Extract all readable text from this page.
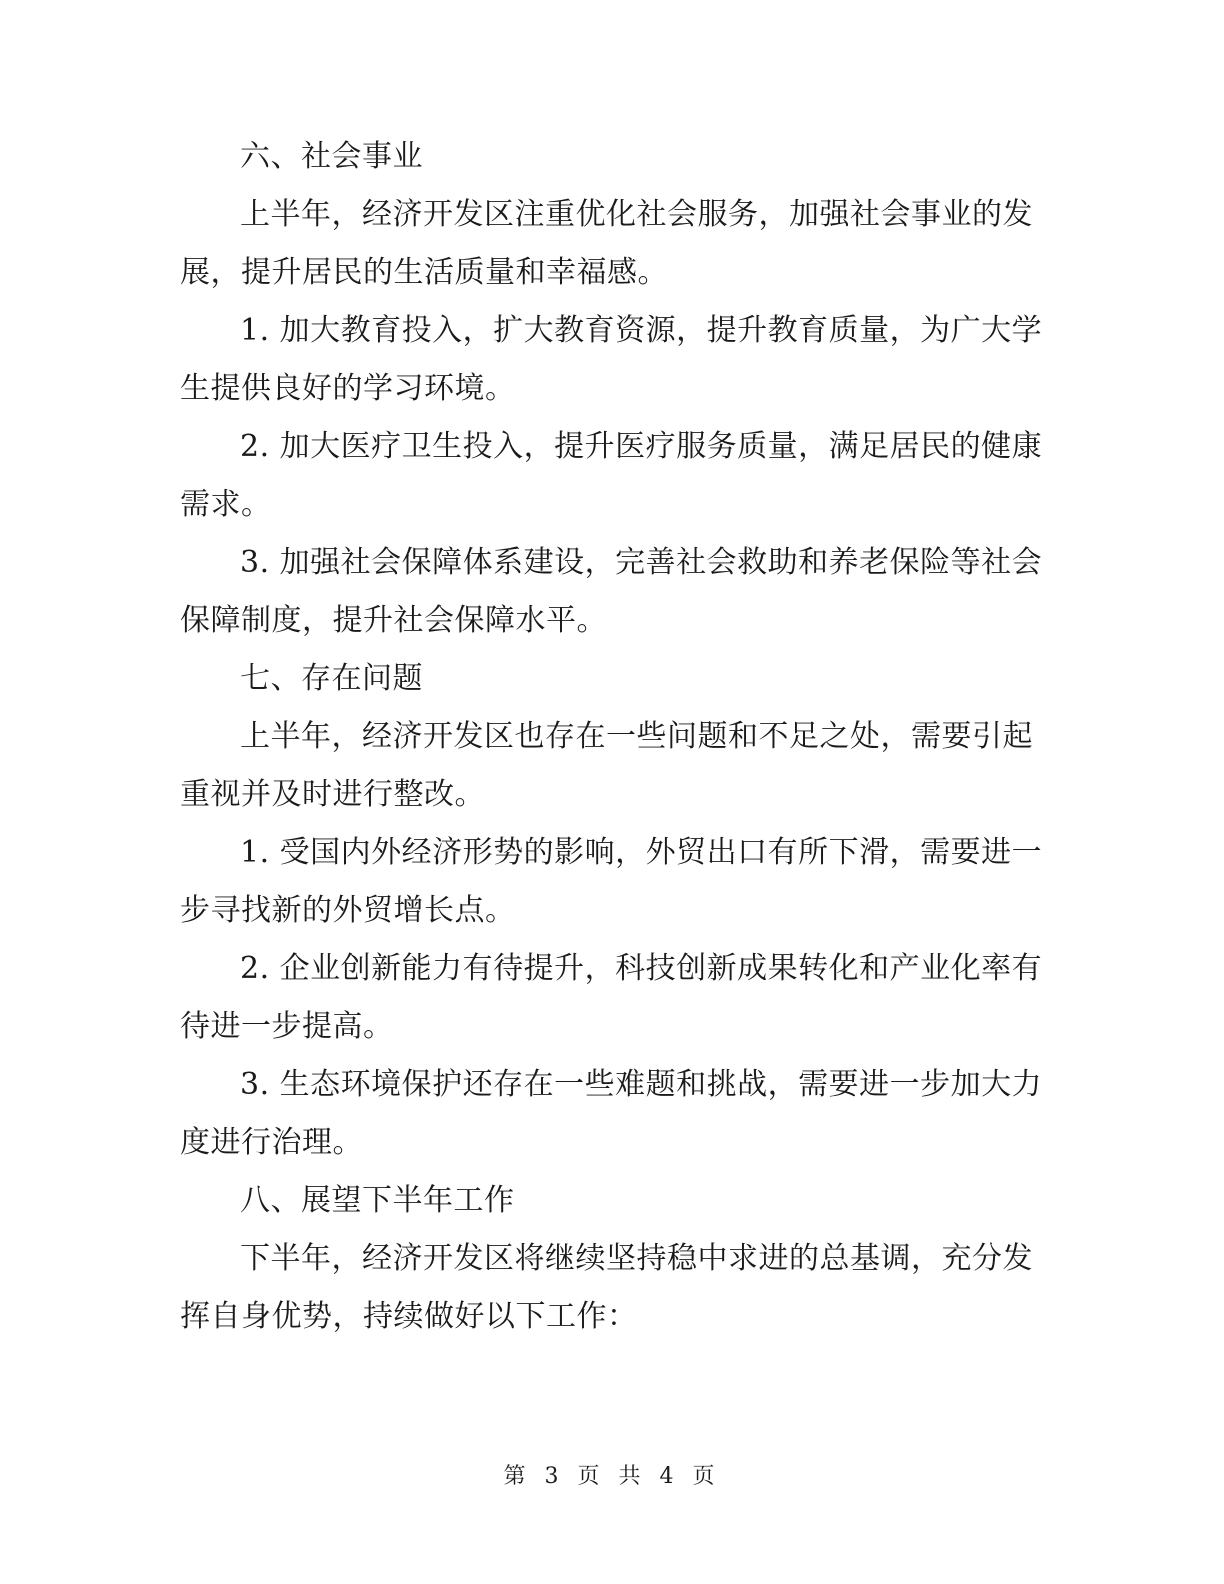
六、社会事业

上半年，经济开发区注重优化社会服务，加强社会事业的发展，提升居民的生活质量和幸福感。

1. 加大教育投入，扩大教育资源，提升教育质量，为广大学生提供良好的学习环境。

2. 加大医疗卫生投入，提升医疗服务质量，满足居民的健康需求。

3. 加强社会保障体系建设，完善社会救助和养老保险等社会保障制度，提升社会保障水平。

七、存在问题

上半年，经济开发区也存在一些问题和不足之处，需要引起重视并及时进行整改。

1. 受国内外经济形势的影响，外贸出口有所下滑，需要进一步寻找新的外贸增长点。

2. 企业创新能力有待提升，科技创新成果转化和产业化率有待进一步提高。

3. 生态环境保护还存在一些难题和挑战，需要进一步加大力度进行治理。

八、展望下半年工作

下半年，经济开发区将继续坚持稳中求进的总基调，充分发挥自身优势，持续做好以下工作：

第 3 页 共 4 页
